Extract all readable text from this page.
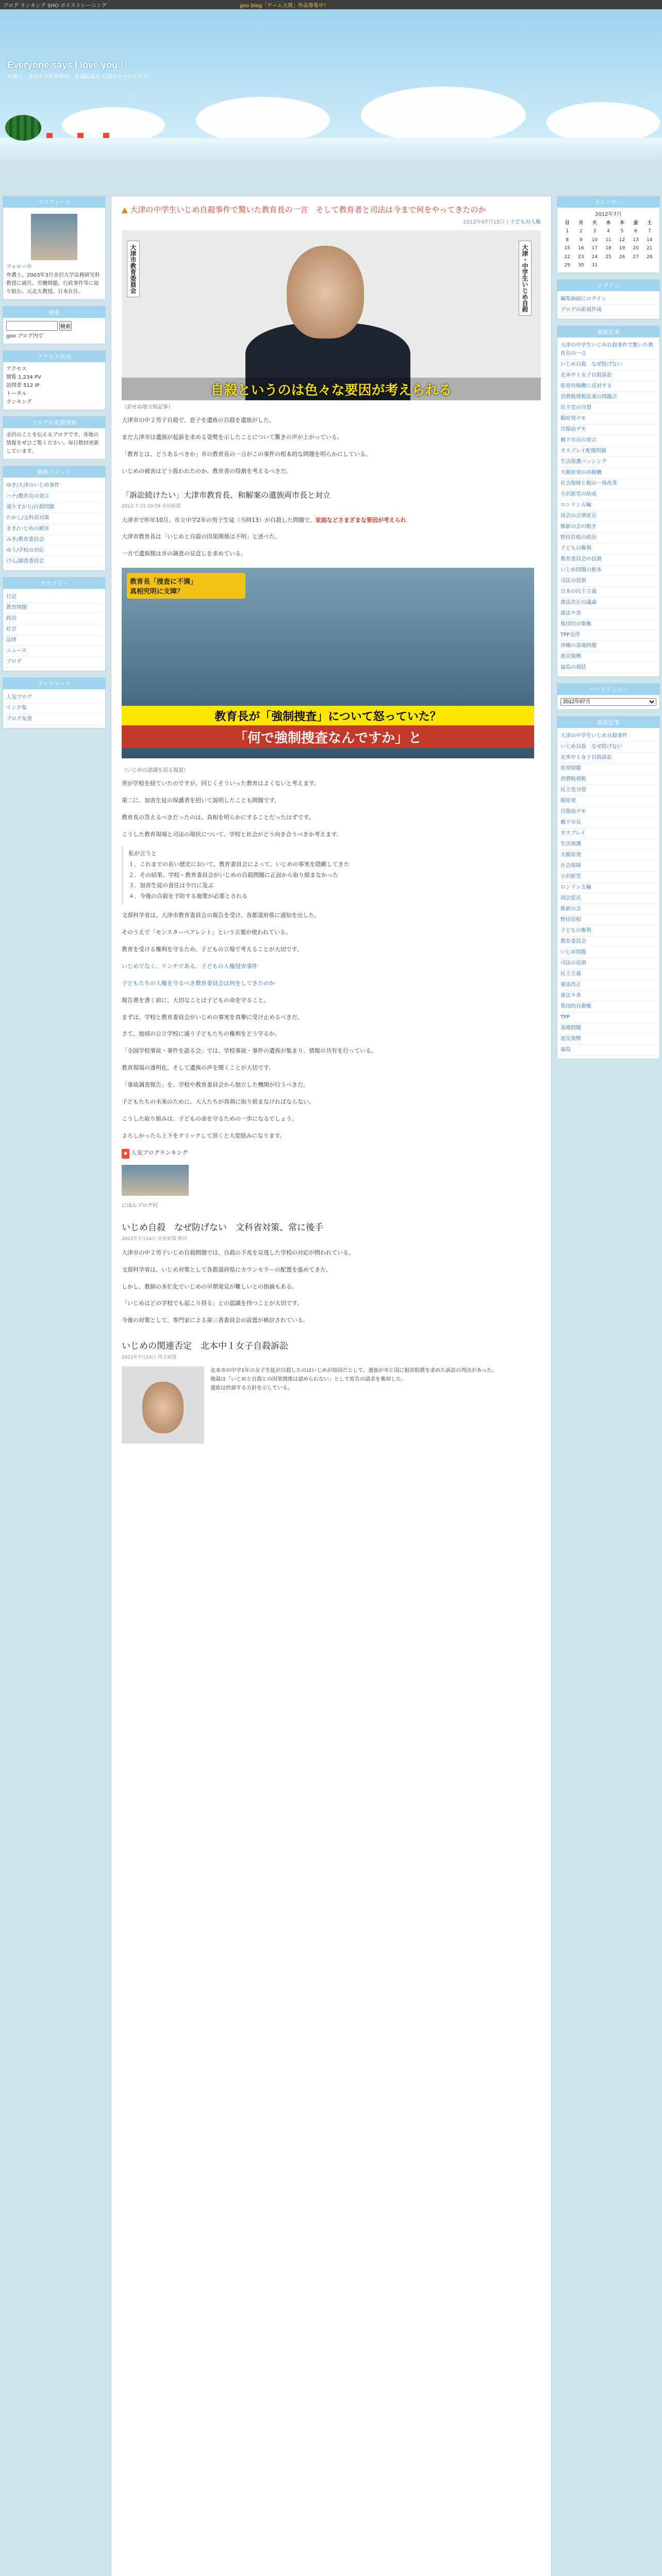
ブログ ランキング SHO ボイストレーニング	goo blog「ゲーム大賞」作品募集中！
Everyone says I love you !
弁護士・金沢大学名誉教授・参議院議員 打越あかりのブログ
プロフィール
フォロー中
弁護士。2003年3月金沢大学法務研究科教授に就任。労働問題、行政事件等に取り組む。元北大教授。日本在住。
検索
検索
goo ブログ内で
アクセス状況
アクセス
閲覧 1,234 PV
訪問者 512 IP
トータル
ランキング
ブログの更新情報
金沢のことを伝えるブログです。各地の情報をぜひご覧ください。毎日数回更新しています。
最新コメント
ゆき/大津のいじめ事件
ハナ/教育長の発言
通りすがり/自殺問題
たかし/文科省対策
まさ/いじめの被害
みき/教育委員会
ゆう/学校の対応
けん/調査委員会
カテゴリー
日記
教育問題
政治
社会
法律
ニュース
ブログ
ブックマーク
人気ブログ
リンク集
ブログ友達
▲ 大津の中学生いじめ自殺事件で驚いた教育長の一言　そして教育者と司法は今まで何をやってきたのか
2012年07月15日 | 子どもの人権
大津市教育委員会	大津・中学生いじめ自殺
自殺というのは色々な要因が考えられる
（訳せぬ地方紙記事）
大津市の中２男子自殺で、息子を遺族の自殺を遺族がした。
まだ大津市は遺族が起訴を求める姿勢を示したことについて驚きの声が上がっている。
「教育とは、どうあるべきか」市の教育長の一言がこの事件の根本的な問題を明らかにしている。
いじめの被害はどう扱われたのか、教育者の役割を考えるべきだ。
「訴訟続けたい」大津市教育長、和解案の遺族両市長と対立
2012-7-15 19:59 産経新聞
大津市で昨年10月、市立中学2年の男子生徒（当時13）が自殺した問題で、家庭などさまざまな要因が考えられ
大津市教育長は「いじめと自殺の因果関係は不明」と述べた。
一方で遺族側は市の調査の見直しを求めている。
教育長「捜査に不満」
真相究明に支障？
教育長が「強制捜査」について怒っていた？
「何で強制捜査なんですか」と
（いじめの認識を巡る報道）
皆が学校を経ていたのですが、同じくそういった教育はよくないと考えます。
第二に、加害生徒の保護者を招いて説明したことも問題です。
教育長の答えるべきだったのは、真相を明らかにすることだったはずです。
こうした教育現場と司法の現状について、学校と社会がどう向き合うべきか考えます。
私が言うと
１．これまでの長い歴史において、教育委員会によって、いじめの事実を隠蔽してきた
２．その結果、学校・教育委員会がいじめの自殺問題に正面から取り組まなかった
３．加害生徒の責任は今日に及ぶ
４．今後の自殺を予防する施策が必要とされる
文部科学省は、大津市教育委員会の報告を受け、各都道府県に通知を出した。
そのうえで「モンスターペアレント」という言葉が使われている。
教育を受ける権利を守るため、子どもの立場で考えることが大切です。
いじめでなく、リンチである。子どもの人権侵害事件
子どもたちの人権を守るべき教育委員会は何をしてきたのか
報告書を書く前に、大切なことは子どもの命を守ること。
まずは、学校と教育委員会がいじめの事実を真摯に受け止めるべきだ。
さて、地域の公立学校に通う子どもたちの権利をどう守るか。
「全国学校事故・事件を語る会」では、学校事故・事件の遺族が集まり、情報の共有を行っている。
教育現場の透明化、そして遺族の声を聞くことが大切です。
「事故調査報告」を、学校や教育委員会から独立した機関が行うべきだ。
子どもたちの未来のために、大人たちが真剣に取り組まなければならない。
こうした取り組みは、子どもの命を守るための一歩になるでしょう。
よろしかったら上下をクリックして頂くと大変励みになります。
◆ 人気ブログランキング
にほんブログ村
いじめ自殺　なぜ防げない　文科省対策、常に後手
2012年7月14日 産経新聞 朝刊
大津市の中２男子いじめ自殺問題では、自殺の予兆を見逃した学校の対応が問われている。
文部科学省は、いじめ対策として各都道府県にカウンセラーの配置を進めてきた。
しかし、教師の多忙化でいじめの早期発見が難しいとの指摘もある。
「いじめはどの学校でも起こり得る」との認識を持つことが大切です。
今後の対策として、専門家による第三者委員会の設置が検討されている。
いじめの関連否定　北本中１女子自殺訴訟
2012年7月14日 埼玉新聞
北本市の中学1年の女子生徒が自殺したのはいじめが原因だとして、遺族が市と国に損害賠償を求めた訴訟の判決があった。
地裁は「いじめと自殺との因果関係は認められない」として原告の請求を棄却した。
遺族は控訴する方針を示している。
カレンダー
2012年7月
日	月	火	水	木	金	土
1	2	3	4	5	6	7
8	9	10	11	12	13	14
15	16	17	18	19	20	21
22	23	24	25	26	27	28
29	30	31				
ログイン
編集画面にログイン
ブログの新規作成
最新記事
大津の中学生いじめ自殺事件で驚いた教育長の一言
いじめ自殺　なぜ防げない
北本中１女子自殺訴訟
原発再稼働に反対する
消費税増税法案の問題点
民主党の分裂
脱原発デモ
官邸前デモ
橋下市長の発言
オスプレイ配備問題
生活保護バッシング
大飯原発の再稼働
社会保障と税の一体改革
小沢新党の結成
ロンドン五輪
国会の会期延長
維新の会の動き
野田首相の政治
子どもの権利
教育委員会の役割
いじめ問題の根本
司法の役割
日本の民主主義
憲法改正の議論
憲法９条
集団的自衛権
TPP交渉
沖縄の基地問題
震災復興
福島の現状
バックナンバー
2012年07月
最新記事
大津の中学生いじめ自殺事件
いじめ自殺　なぜ防げない
北本中１女子自殺訴訟
原発問題
消費税増税
民主党分裂
脱原発
官邸前デモ
橋下市長
オスプレイ
生活保護
大飯原発
社会保障
小沢新党
ロンドン五輪
国会延長
維新の会
野田首相
子どもの権利
教育委員会
いじめ問題
司法の役割
民主主義
憲法改正
憲法９条
集団的自衛権
TPP
基地問題
震災復興
福島
